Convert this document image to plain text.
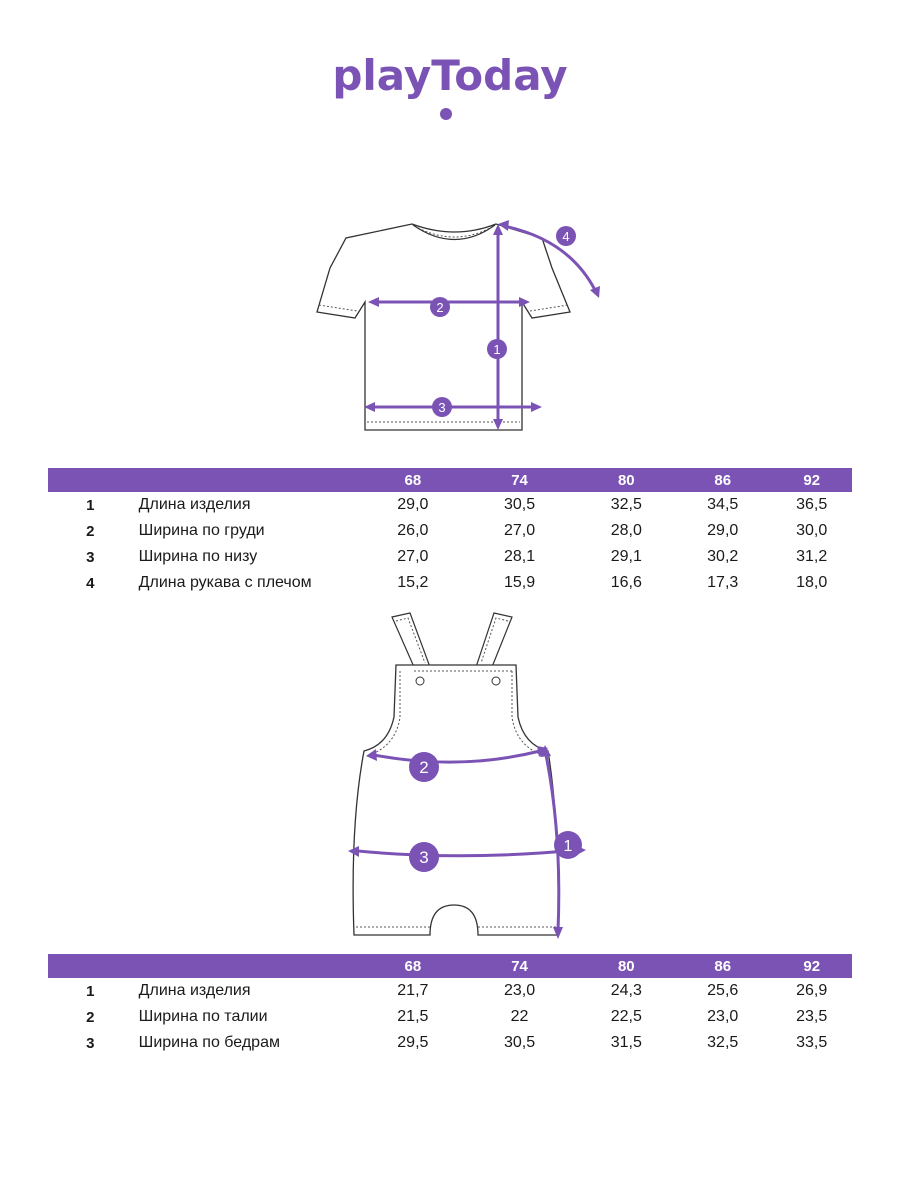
playToday
1
2
3
4
		68	74	80	86	92
1	Длина изделия	29,0	30,5	32,5	34,5	36,5
2	Ширина по груди	26,0	27,0	28,0	29,0	30,0
3	Ширина по низу	27,0	28,1	29,1	30,2	31,2
4	Длина рукава с плечом	15,2	15,9	16,6	17,3	18,0
1
2
3
		68	74	80	86	92
1	Длина изделия	21,7	23,0	24,3	25,6	26,9
2	Ширина по талии	21,5	22	22,5	23,0	23,5
3	Ширина по бедрам	29,5	30,5	31,5	32,5	33,5
